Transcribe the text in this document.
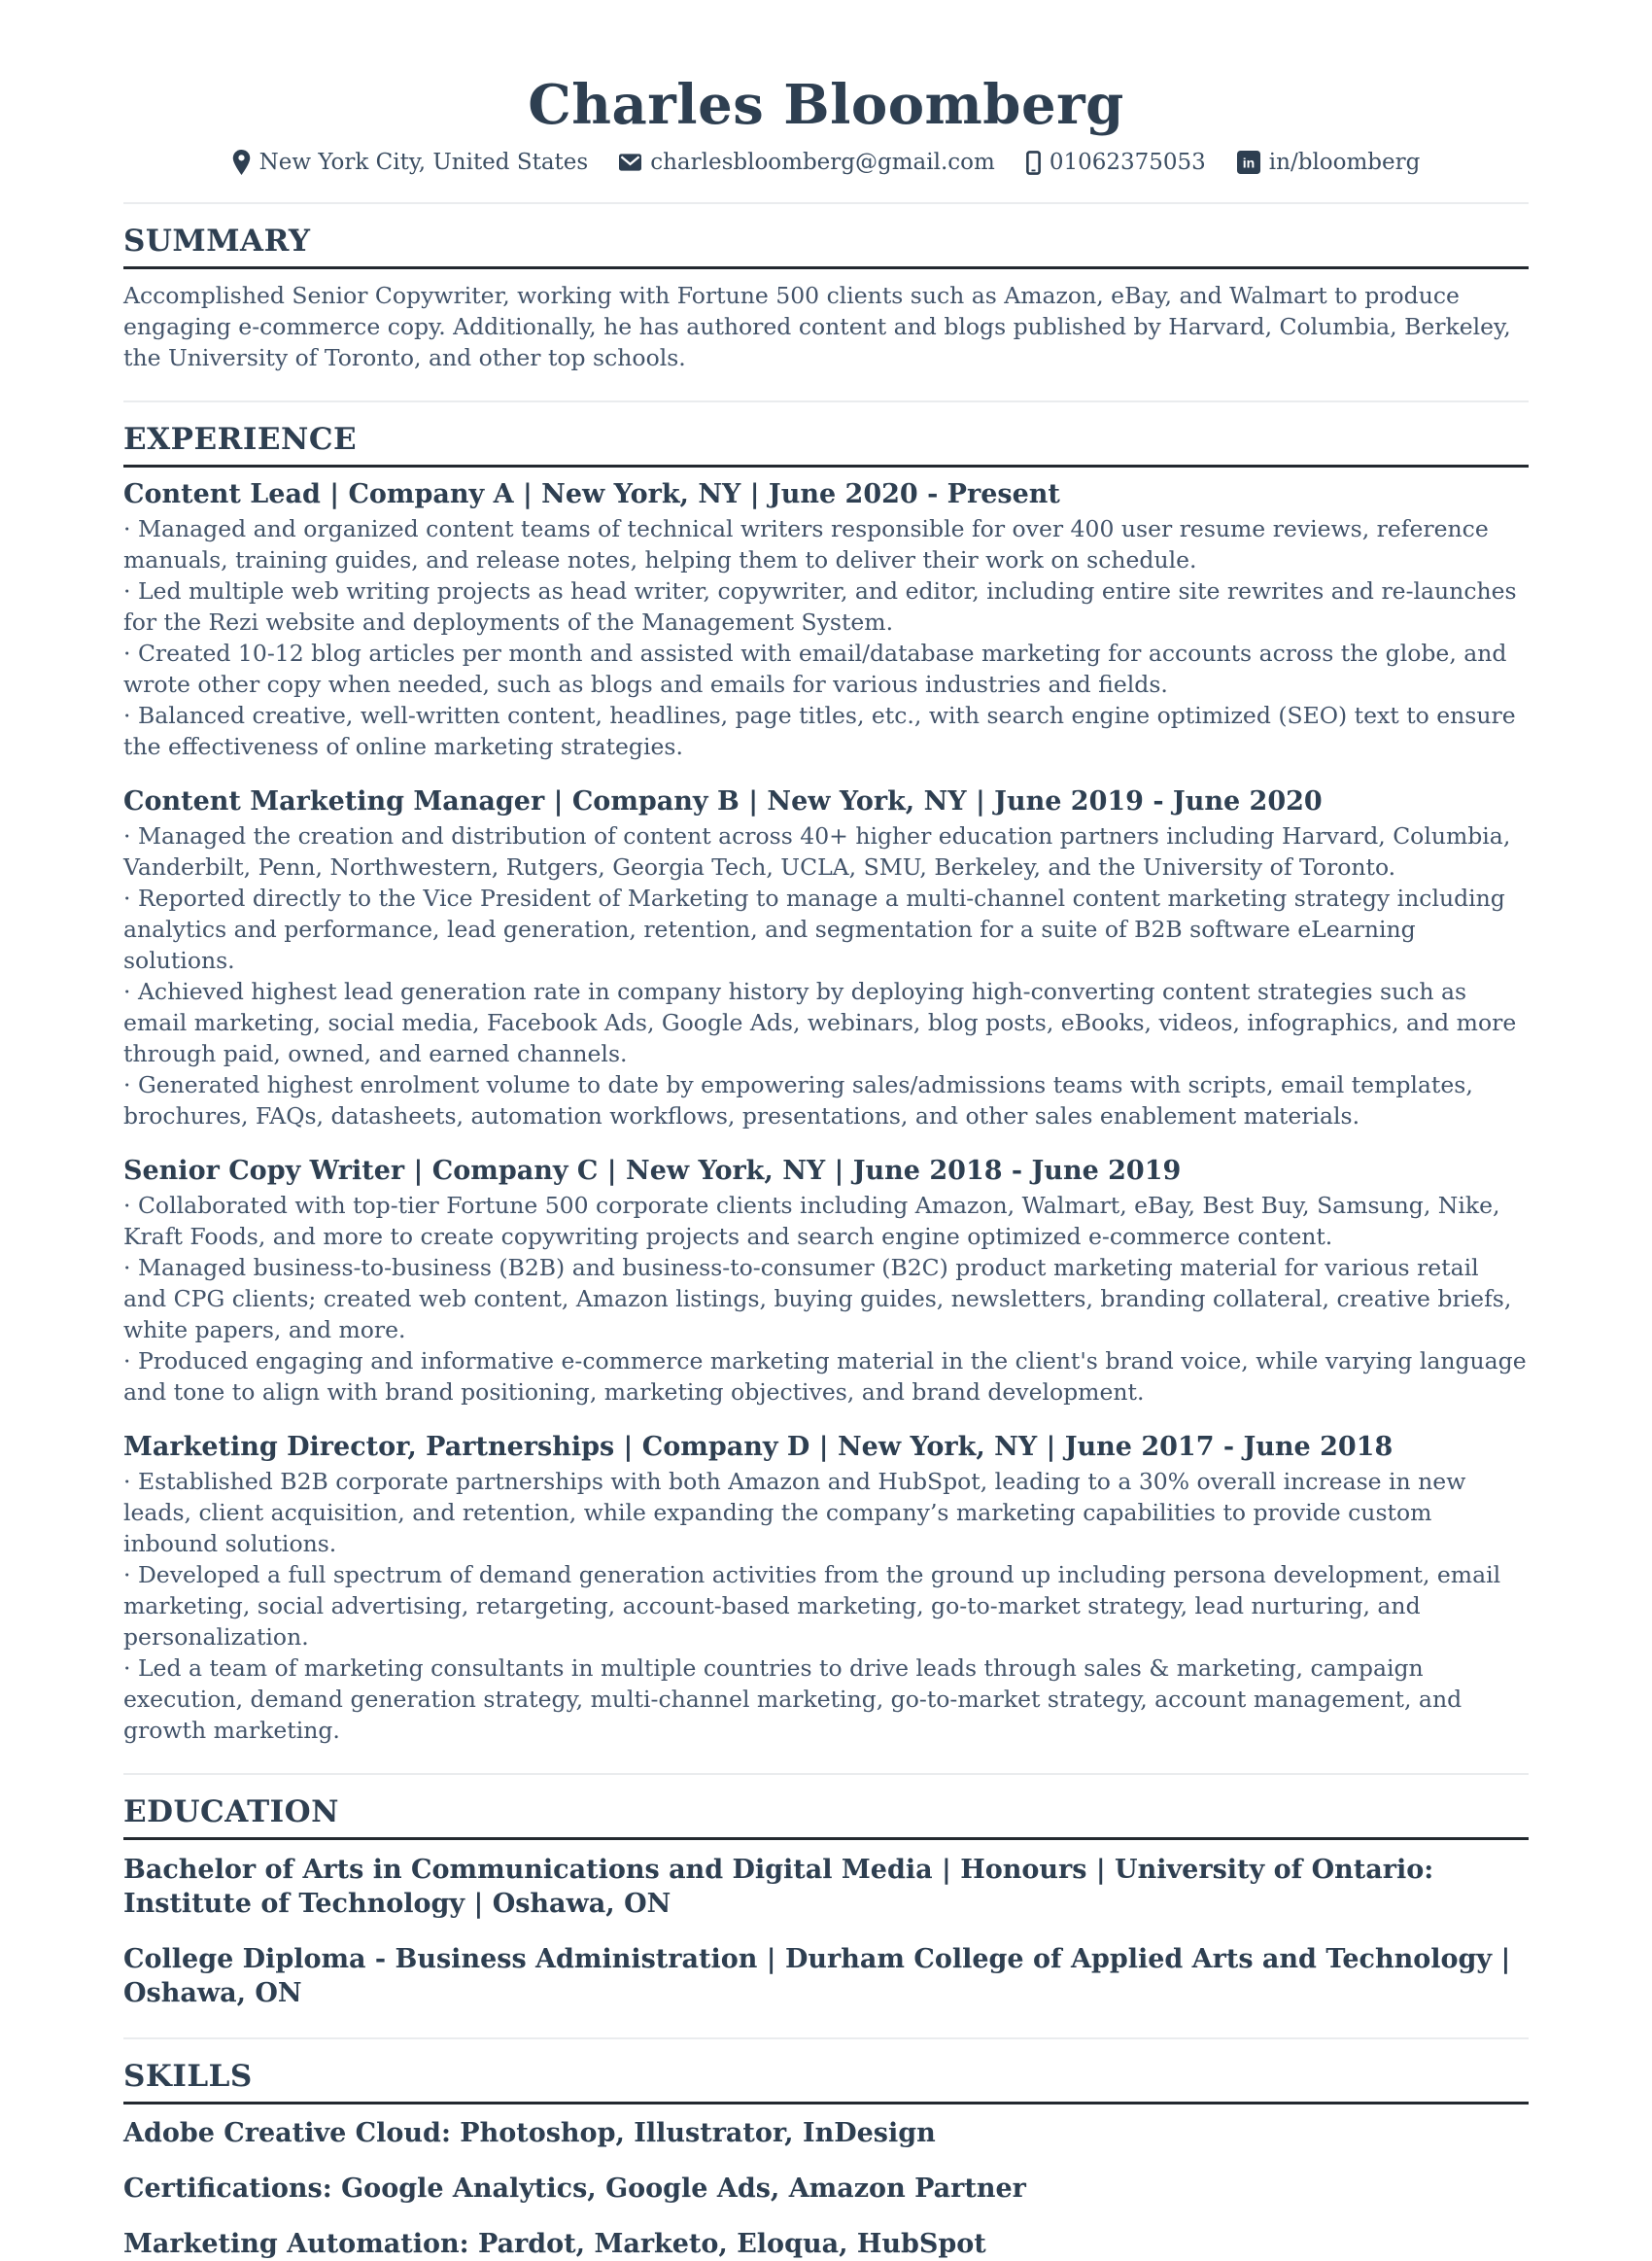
Charles Bloomberg
New York City, United States	charlesbloomberg@gmail.com 01062375053	in in/bloomberg
SUMMARY

Accomplished Senior Copywriter, working with Fortune 500 clients such as Amazon, eBay, and Walmart to produce engaging e-commerce copy. Additionally, he has authored content and blogs published by Harvard, Columbia, Berkeley, the University of Toronto, and other top schools.

EXPERIENCE
Content Lead | Company A | New York, NY | June 2020 - Present

· Managed and organized content teams of technical writers responsible for over 400 user resume reviews, reference manuals, training guides, and release notes, helping them to deliver their work on schedule.

· Led multiple web writing projects as head writer, copywriter, and editor, including entire site rewrites and re-launches for the Rezi website and deployments of the Management System.

· Created 10-12 blog articles per month and assisted with email/database marketing for accounts across the globe, and wrote other copy when needed, such as blogs and emails for various industries and fields.

· Balanced creative, well-written content, headlines, page titles, etc., with search engine optimized (SEO) text to ensure the effectiveness of online marketing strategies.

Content Marketing Manager | Company B | New York, NY | June 2019 - June 2020

· Managed the creation and distribution of content across 40+ higher education partners including Harvard, Columbia, Vanderbilt, Penn, Northwestern, Rutgers, Georgia Tech, UCLA, SMU, Berkeley, and the University of Toronto.

· Reported directly to the Vice President of Marketing to manage a multi-channel content marketing strategy including analytics and performance, lead generation, retention, and segmentation for a suite of B2B software eLearning solutions.

· Achieved highest lead generation rate in company history by deploying high-converting content strategies such as email marketing, social media, Facebook Ads, Google Ads, webinars, blog posts, eBooks, videos, infographics, and more through paid, owned, and earned channels.

· Generated highest enrolment volume to date by empowering sales/admissions teams with scripts, email templates, brochures, FAQs, datasheets, automation workflows, presentations, and other sales enablement materials.

Senior Copy Writer | Company C | New York, NY | June 2018 - June 2019

· Collaborated with top-tier Fortune 500 corporate clients including Amazon, Walmart, eBay, Best Buy, Samsung, Nike, Kraft Foods, and more to create copywriting projects and search engine optimized e-commerce content.

· Managed business-to-business (B2B) and business-to-consumer (B2C) product marketing material for various retail and CPG clients; created web content, Amazon listings, buying guides, newsletters, branding collateral, creative briefs, white papers, and more.

· Produced engaging and informative e-commerce marketing material in the client's brand voice, while varying language and tone to align with brand positioning, marketing objectives, and brand development.

Marketing Director, Partnerships | Company D | New York, NY | June 2017 - June 2018

· Established B2B corporate partnerships with both Amazon and HubSpot, leading to a 30% overall increase in new leads, client acquisition, and retention, while expanding the company’s marketing capabilities to provide custom inbound solutions.

· Developed a full spectrum of demand generation activities from the ground up including persona development, email marketing, social advertising, retargeting, account-based marketing, go-to-market strategy, lead nurturing, and personalization.

· Led a team of marketing consultants in multiple countries to drive leads through sales & marketing, campaign execution, demand generation strategy, multi-channel marketing, go-to-market strategy, account management, and growth marketing.

EDUCATION

Bachelor of Arts in Communications and Digital Media | Honours | University of Ontario: Institute of Technology | Oshawa, ON

College Diploma - Business Administration | Durham College of Applied Arts and Technology | Oshawa, ON

SKILLS

Adobe Creative Cloud: Photoshop, Illustrator, InDesign

Certifications: Google Analytics, Google Ads, Amazon Partner

Marketing Automation: Pardot, Marketo, Eloqua, HubSpot
